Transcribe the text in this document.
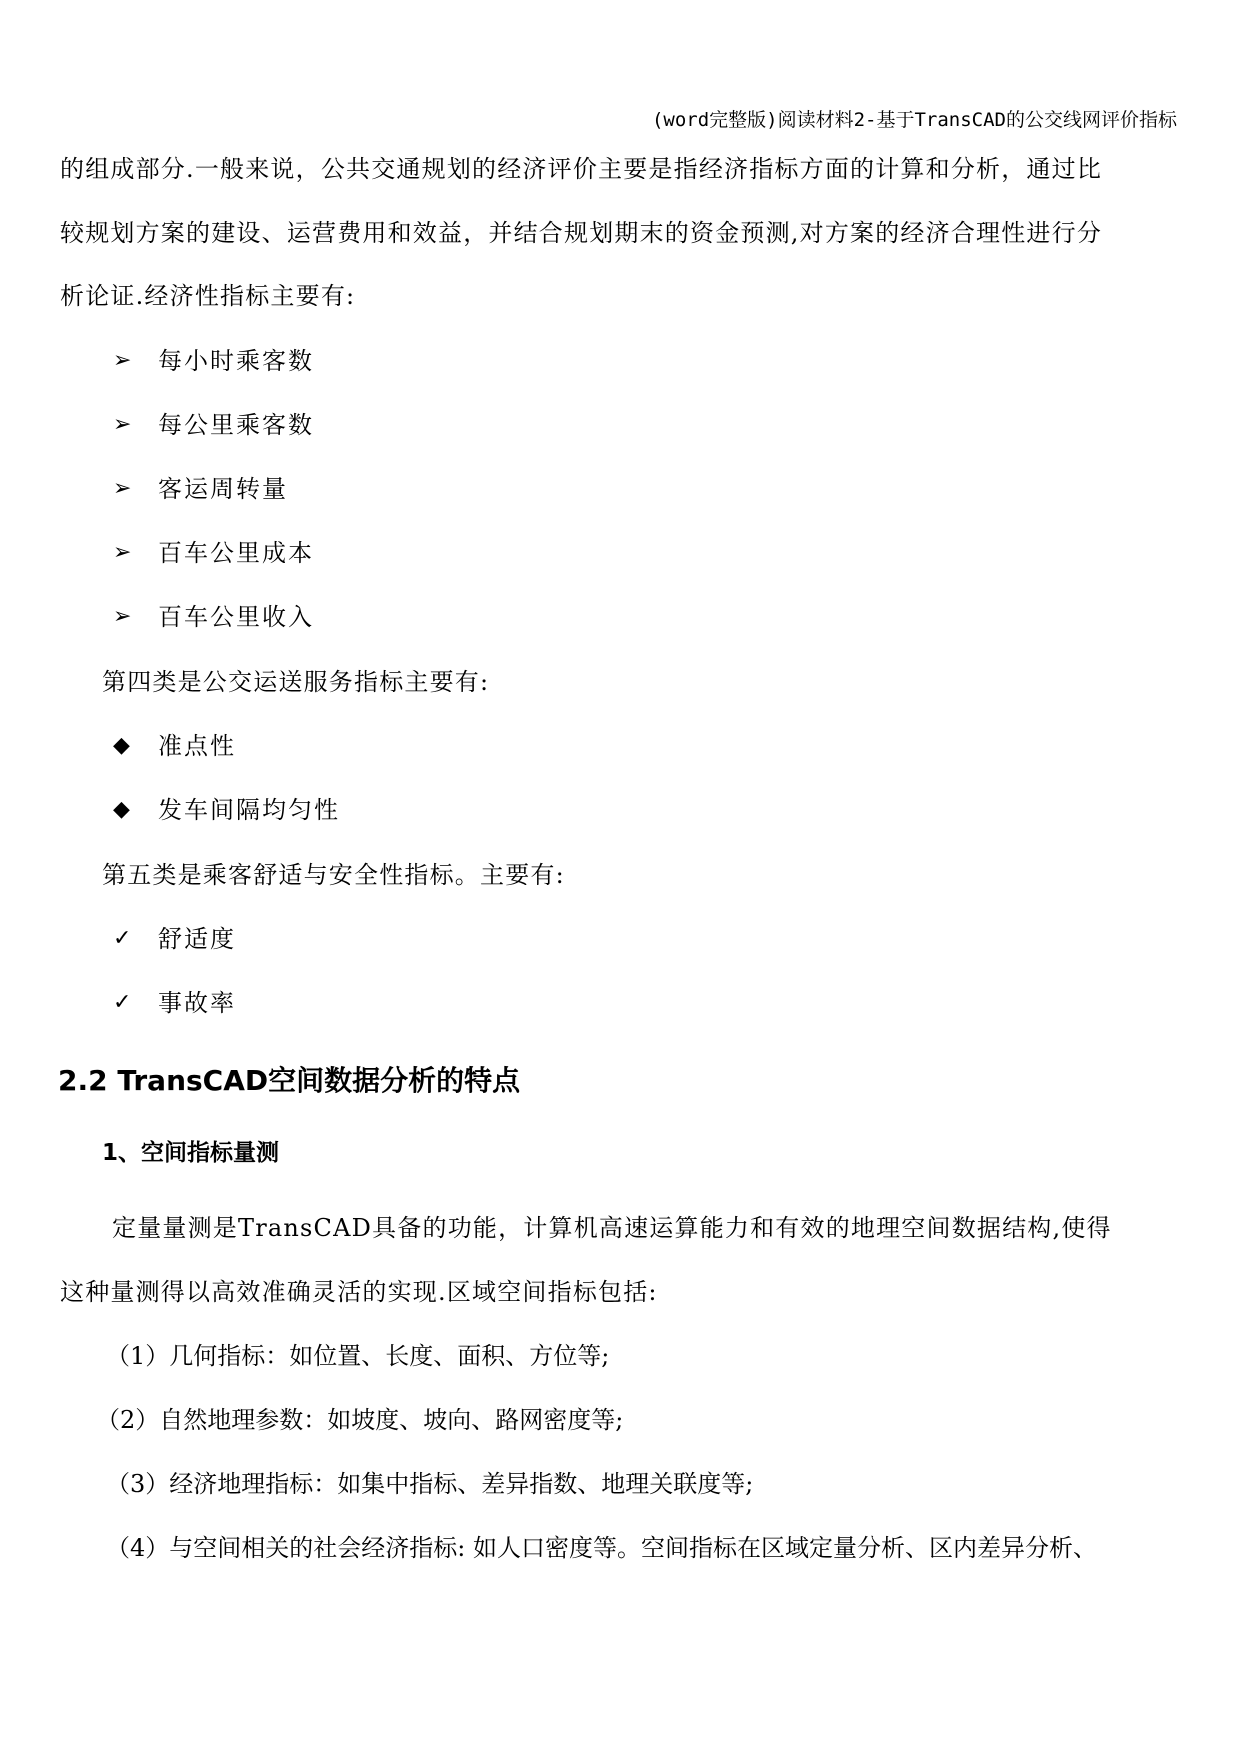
(word完整版)阅读材料2-基于TransCAD的公交线网评价指标
的组成部分.一般来说，公共交通规划的经济评价主要是指经济指标方面的计算和分析，通过比
较规划方案的建设、运营费用和效益，并结合规划期末的资金预测,对方案的经济合理性进行分
析论证.经济性指标主要有:
➢	每小时乘客数
➢	每公里乘客数
➢	客运周转量
➢	百车公里成本
➢	百车公里收入
第四类是公交运送服务指标主要有:
◆	准点性
◆	发车间隔均匀性
第五类是乘客舒适与安全性指标。主要有:
✓	舒适度
✓	事故率
2.2 TransCAD空间数据分析的特点
1、空间指标量测
定量量测是TransCAD具备的功能，计算机高速运算能力和有效的地理空间数据结构,使得
这种量测得以高效准确灵活的实现.区域空间指标包括:
（1）几何指标：如位置、长度、面积、方位等;
（2）自然地理参数：如坡度、坡向、路网密度等;
（3）经济地理指标：如集中指标、差异指数、地理关联度等;
（4）与空间相关的社会经济指标: 如人口密度等。空间指标在区域定量分析、区内差异分析、
